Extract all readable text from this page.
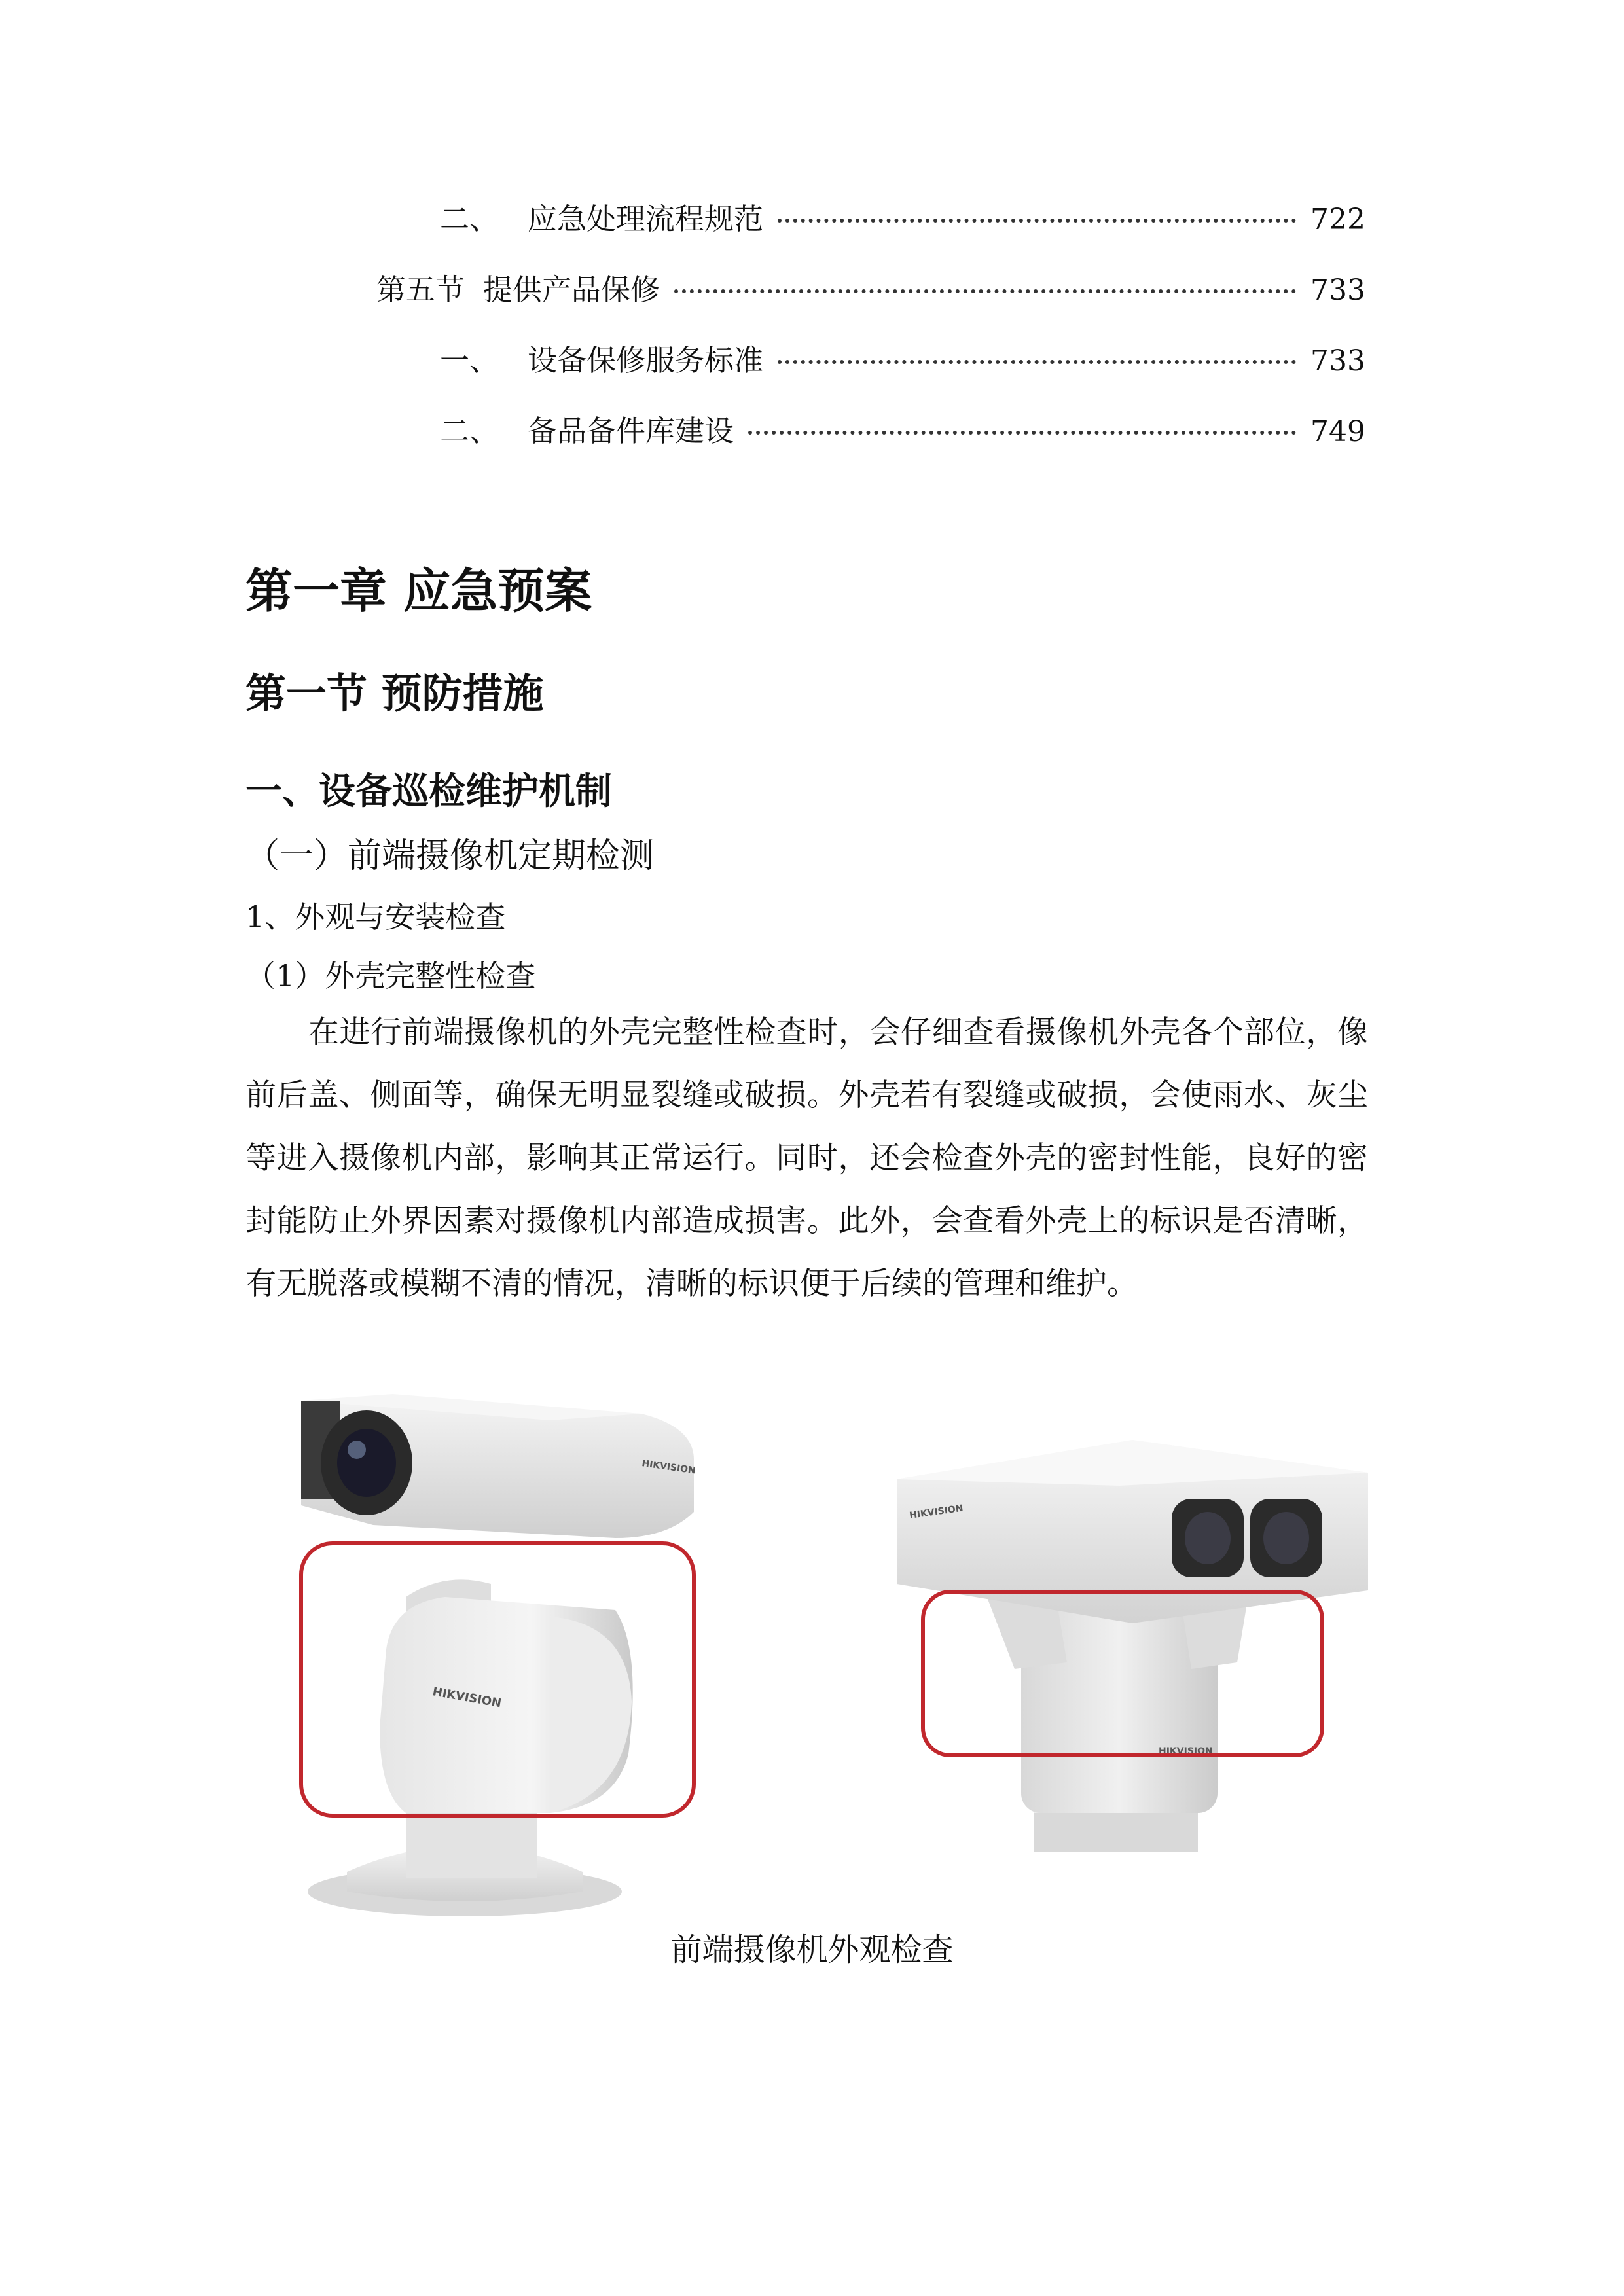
二、 应急处理流程规范	722
第五节 提供产品保修	733
一、 设备保修服务标准	733
二、 备品备件库建设	749
第一章 应急预案
第一节 预防措施
一、设备巡检维护机制
（一）前端摄像机定期检测
1、外观与安装检查
（1）外壳完整性检查
在进行前端摄像机的外壳完整性检查时，会仔细查看摄像机外壳各个部位，像前后盖、侧面等，确保无明显裂缝或破损。外壳若有裂缝或破损，会使雨水、灰尘等进入摄像机内部，影响其正常运行。同时，还会检查外壳的密封性能，良好的密封能防止外界因素对摄像机内部造成损害。此外，会查看外壳上的标识是否清晰，有无脱落或模糊不清的情况，清晰的标识便于后续的管理和维护。
HIKVISION
HIKVISION
HIKVISION
HIKVISION
前端摄像机外观检查
